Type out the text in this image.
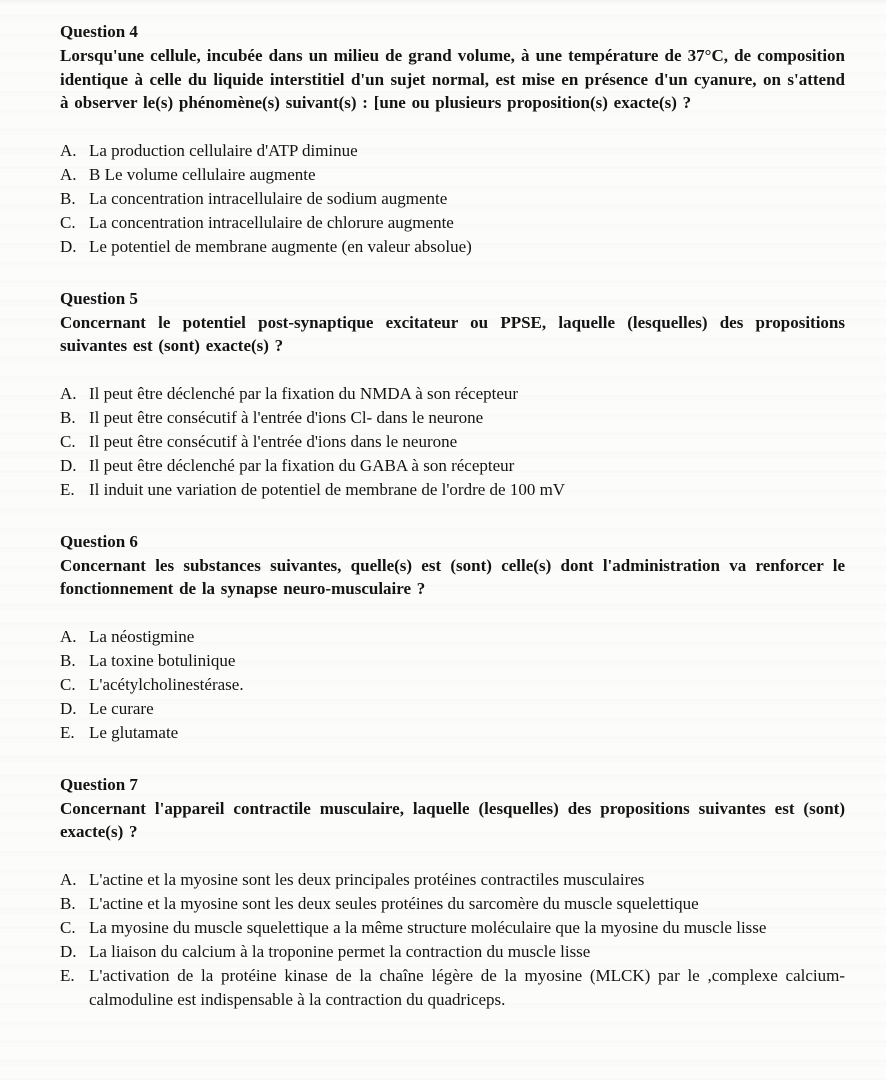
Question 4

Lorsqu'une cellule, incubée dans un milieu de grand volume, à une température de 37°C, de composition identique à celle du liquide interstitiel d'un sujet normal, est mise en présence d'un cyanure, on s'attend à observer le(s) phénomène(s) suivant(s) : [une ou plusieurs proposition(s) exacte(s) ?

A. La production cellulaire d'ATP diminue
A. B Le volume cellulaire augmente
B. La concentration intracellulaire de sodium augmente
C. La concentration intracellulaire de chlorure augmente
D. Le potentiel de membrane augmente (en valeur absolue)
Question 5

Concernant le potentiel post-synaptique excitateur ou PPSE, laquelle (lesquelles) des propositions suivantes est (sont) exacte(s) ?

A. Il peut être déclenché par la fixation du NMDA à son récepteur
B. Il peut être consécutif à l'entrée d'ions Cl- dans le neurone
C. Il peut être consécutif à l'entrée d'ions dans le neurone
D. Il peut être déclenché par la fixation du GABA à son récepteur
E. Il induit une variation de potentiel de membrane de l'ordre de 100 mV
Question 6

Concernant les substances suivantes, quelle(s) est (sont) celle(s) dont l'administration va renforcer le fonctionnement de la synapse neuro-musculaire ?

A. La néostigmine
B. La toxine botulinique
C. L'acétylcholinestérase.
D. Le curare
E. Le glutamate
Question 7

Concernant l'appareil contractile musculaire, laquelle (lesquelles) des propositions suivantes est (sont) exacte(s) ?

A. L'actine et la myosine sont les deux principales protéines contractiles musculaires
B. L'actine et la myosine sont les deux seules protéines du sarcomère du muscle squelettique
C. La myosine du muscle squelettique a la même structure moléculaire que la myosine du muscle lisse
D. La liaison du calcium à la troponine permet la contraction du muscle lisse
E. L'activation de la protéine kinase de la chaîne légère de la myosine (MLCK) par le ,complexe calcium-calmoduline est indispensable à la contraction du quadriceps.
